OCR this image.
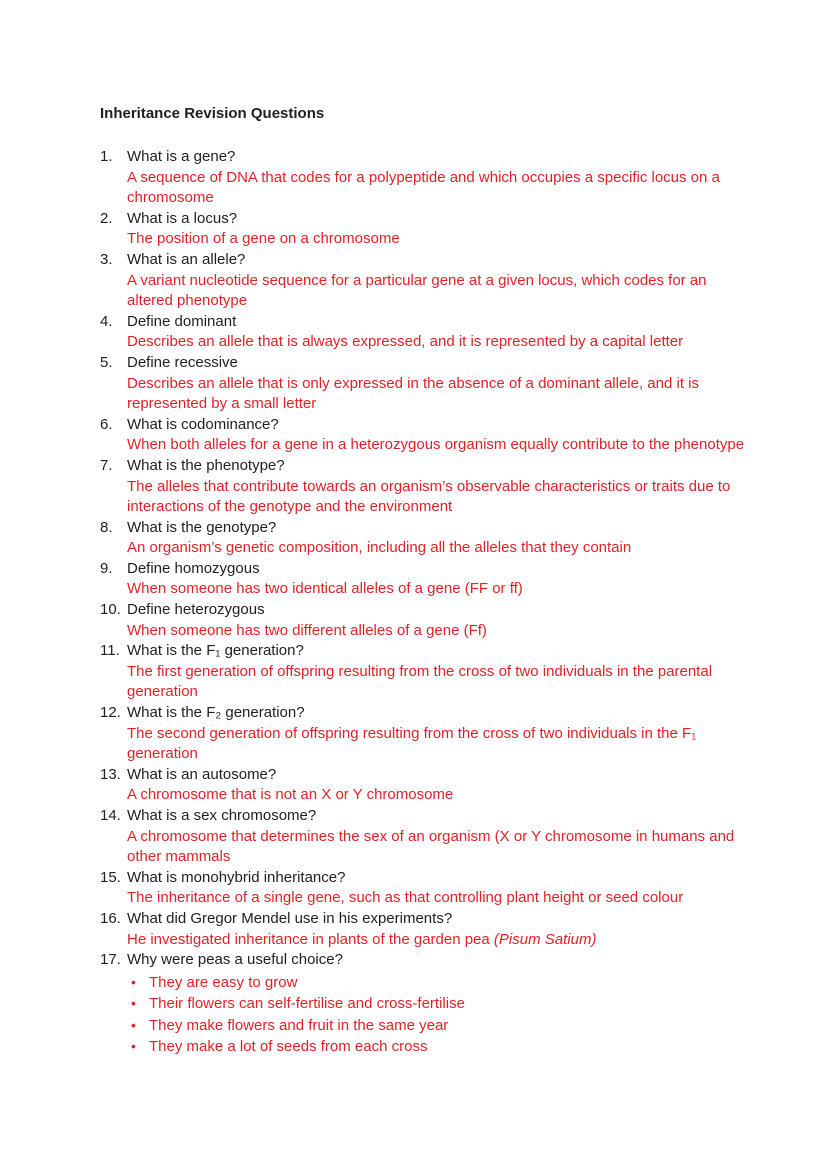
Inheritance Revision Questions
1. What is a gene?
A sequence of DNA that codes for a polypeptide and which occupies a specific locus on a chromosome
2. What is a locus?
The position of a gene on a chromosome
3. What is an allele?
A variant nucleotide sequence for a particular gene at a given locus, which codes for an altered phenotype
4. Define dominant
Describes an allele that is always expressed, and it is represented by a capital letter
5. Define recessive
Describes an allele that is only expressed in the absence of a dominant allele, and it is represented by a small letter
6. What is codominance?
When both alleles for a gene in a heterozygous organism equally contribute to the phenotype
7. What is the phenotype?
The alleles that contribute towards an organism’s observable characteristics or traits due to interactions of the genotype and the environment
8. What is the genotype?
An organism’s genetic composition, including all the alleles that they contain
9. Define homozygous
When someone has two identical alleles of a gene (FF or ff)
10. Define heterozygous
When someone has two different alleles of a gene (Ff)
11. What is the F₁ generation?
The first generation of offspring resulting from the cross of two individuals in the parental generation
12. What is the F₂ generation?
The second generation of offspring resulting from the cross of two individuals in the F₁ generation
13. What is an autosome?
A chromosome that is not an X or Y chromosome
14. What is a sex chromosome?
A chromosome that determines the sex of an organism (X or Y chromosome in humans and other mammals
15. What is monohybrid inheritance?
The inheritance of a single gene, such as that controlling plant height or seed colour
16. What did Gregor Mendel use in his experiments?
He investigated inheritance in plants of the garden pea (Pisum Satium)
17. Why were peas a useful choice?
• They are easy to grow
• Their flowers can self-fertilise and cross-fertilise
• They make flowers and fruit in the same year
• They make a lot of seeds from each cross
